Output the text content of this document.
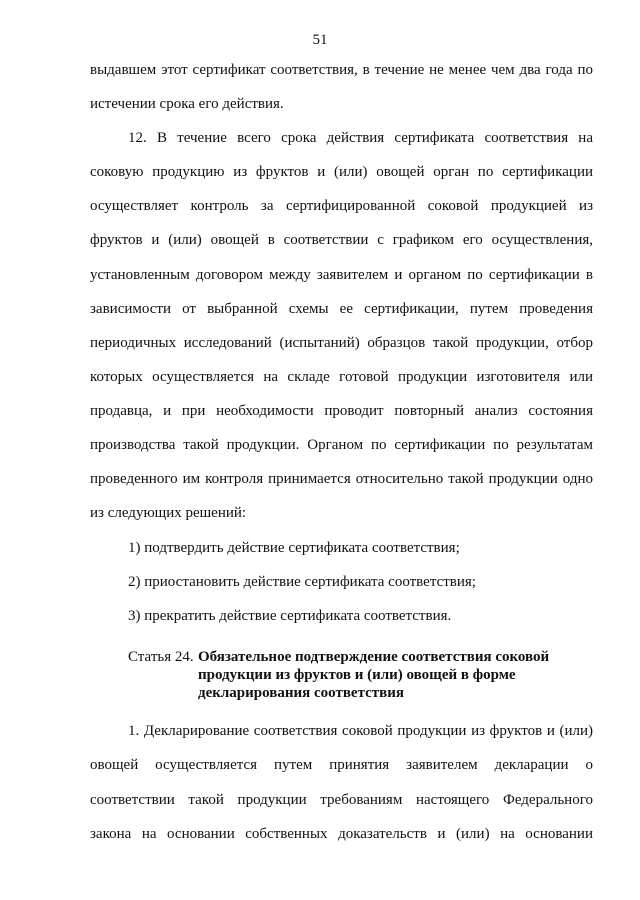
51
выдавшем этот сертификат соответствия, в течение не менее чем два года по
истечении срока его действия.
12. В течение всего срока действия сертификата соответствия на
соковую продукцию из фруктов и (или) овощей орган по сертификации
осуществляет контроль за сертифицированной соковой продукцией из
фруктов и (или) овощей в соответствии с графиком его осуществления,
установленным договором между заявителем и органом по сертификации в
зависимости от выбранной схемы ее сертификации, путем проведения
периодичных исследований (испытаний) образцов такой продукции, отбор
которых осуществляется на складе готовой продукции изготовителя или
продавца, и при необходимости проводит повторный анализ состояния
производства такой продукции. Органом по сертификации по результатам
проведенного им контроля принимается относительно такой продукции одно
из следующих решений:
1) подтвердить действие сертификата соответствия;
2) приостановить действие сертификата соответствия;
3) прекратить действие сертификата соответствия.
Статья 24. Обязательное подтверждение соответствия соковой
продукции из фруктов и (или) овощей в форме
декларирования соответствия
1. Декларирование соответствия соковой продукции из фруктов и (или)
овощей осуществляется путем принятия заявителем декларации о
соответствии такой продукции требованиям настоящего Федерального
закона на основании собственных доказательств и (или) на основании
